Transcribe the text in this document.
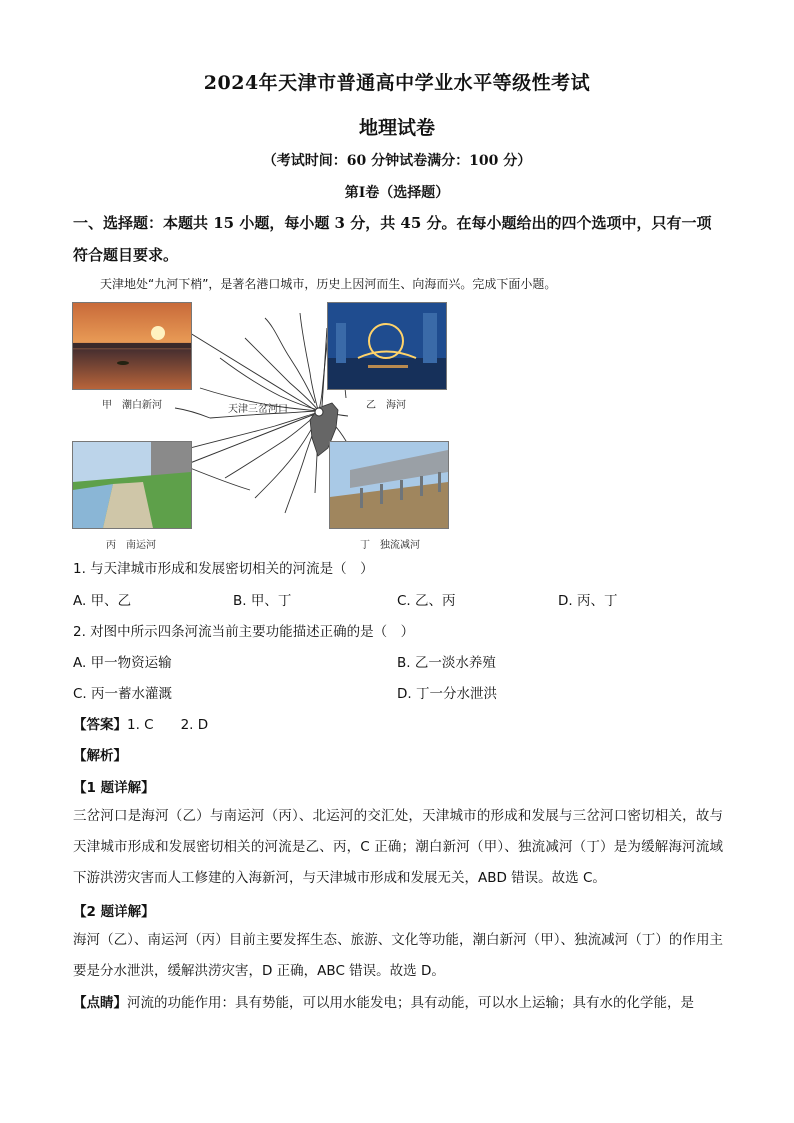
2024年天津市普通高中学业水平等级性考试
地理试卷
（考试时间：60 分钟试卷满分：100 分）
第Ⅰ卷（选择题）
一、选择题：本题共 15 小题，每小题 3 分，共 45 分。在每小题给出的四个选项中，只有一项符合题目要求。
天津地处“九河下梢”，是著名港口城市，历史上因河而生、向海而兴。完成下面小题。
天津三岔河口
甲　潮白新河	乙　海河
丙　南运河	丁　独流减河
1. 与天津城市形成和发展密切相关的河流是（　）
A. 甲、乙	B. 甲、丁	C. 乙、丙	D. 丙、丁
2. 对图中所示四条河流当前主要功能描述正确的是（　）
A. 甲一物资运输	B. 乙一淡水养殖
C. 丙一蓄水灌溉	D. 丁一分水泄洪
【答案】1. C　　2. D
【解析】
【1 题详解】
三岔河口是海河（乙）与南运河（丙）、北运河的交汇处，天津城市的形成和发展与三岔河口密切相关，故与天津城市形成和发展密切相关的河流是乙、丙，C 正确；潮白新河（甲）、独流减河（丁）是为缓解海河流域下游洪涝灾害而人工修建的入海新河，与天津城市形成和发展无关，ABD 错误。故选 C。
【2 题详解】
海河（乙）、南运河（丙）目前主要发挥生态、旅游、文化等功能，潮白新河（甲）、独流减河（丁）的作用主要是分水泄洪，缓解洪涝灾害，D 正确，ABC 错误。故选 D。
【点睛】河流的功能作用：具有势能，可以用水能发电；具有动能，可以水上运输；具有水的化学能，是
